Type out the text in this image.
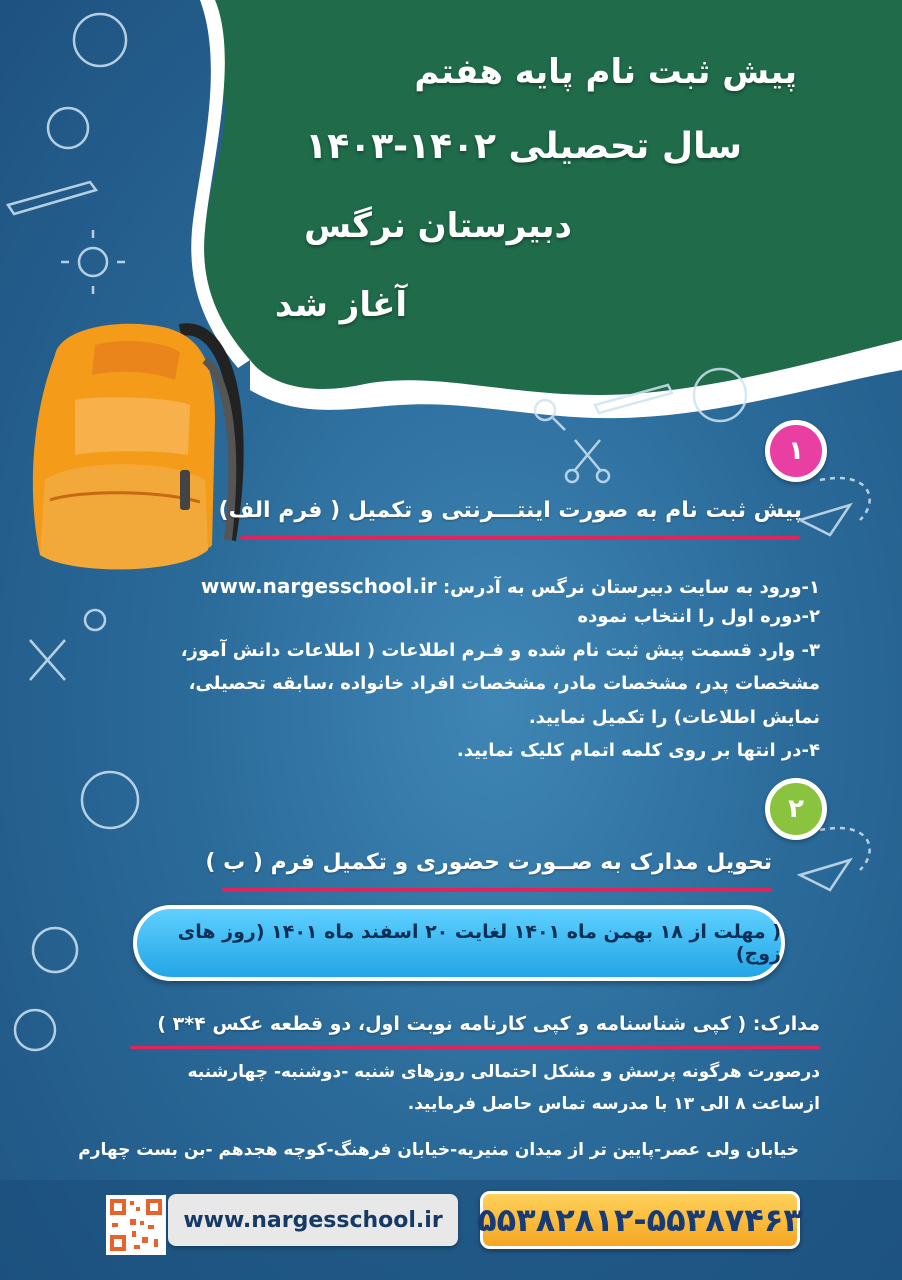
پیش ثبت نام پایه هفتم
سال تحصیلی ۱۴۰۲-۱۴۰۳
دبیرستان نرگس
آغاز شد
۱
پیش ثبت نام به صورت اینتـــرنتی و تکمیل ( فرم الف)
۱-ورود به سایت دبیرستان نرگس به آدرس: www.nargesschool.ir
۲-دوره اول را انتخاب نموده
۳- وارد قسمت پیش ثبت نام شده و فـرم اطلاعات ( اطلاعات دانش آموز،
مشخصات پدر، مشخصات مادر، مشخصات افراد خانواده ،سابقه تحصیلی،
نمایش اطلاعات) را تکمیل نمایید.
۴-در انتها بر روی کلمه اتمام کلیک نمایید.
۲
تحویل مدارک به صــورت حضوری و تکمیل فرم ( ب )
( مهلت از ۱۸ بهمن ماه ۱۴۰۱ لغایت ۲۰ اسفند ماه ۱۴۰۱ (روز های زوج)
مدارک: ( کپی شناسنامه و کپی کارنامه نوبت اول، دو قطعه عکس ۴*۳ )
درصورت هرگونه پرسش و مشکل احتمالی روزهای شنبه -دوشنبه- چهارشنبه
ازساعت ۸ الی ۱۳ با مدرسه تماس حاصل فرمایید.
خیابان ولی عصر-پایین تر از میدان منیریه-خیابان فرهنگ-کوچه هجدهم -بن بست چهارم
www.nargesschool.ir ۵۵۳۸۲۸۱۲-۵۵۳۸۷۴۶۳
